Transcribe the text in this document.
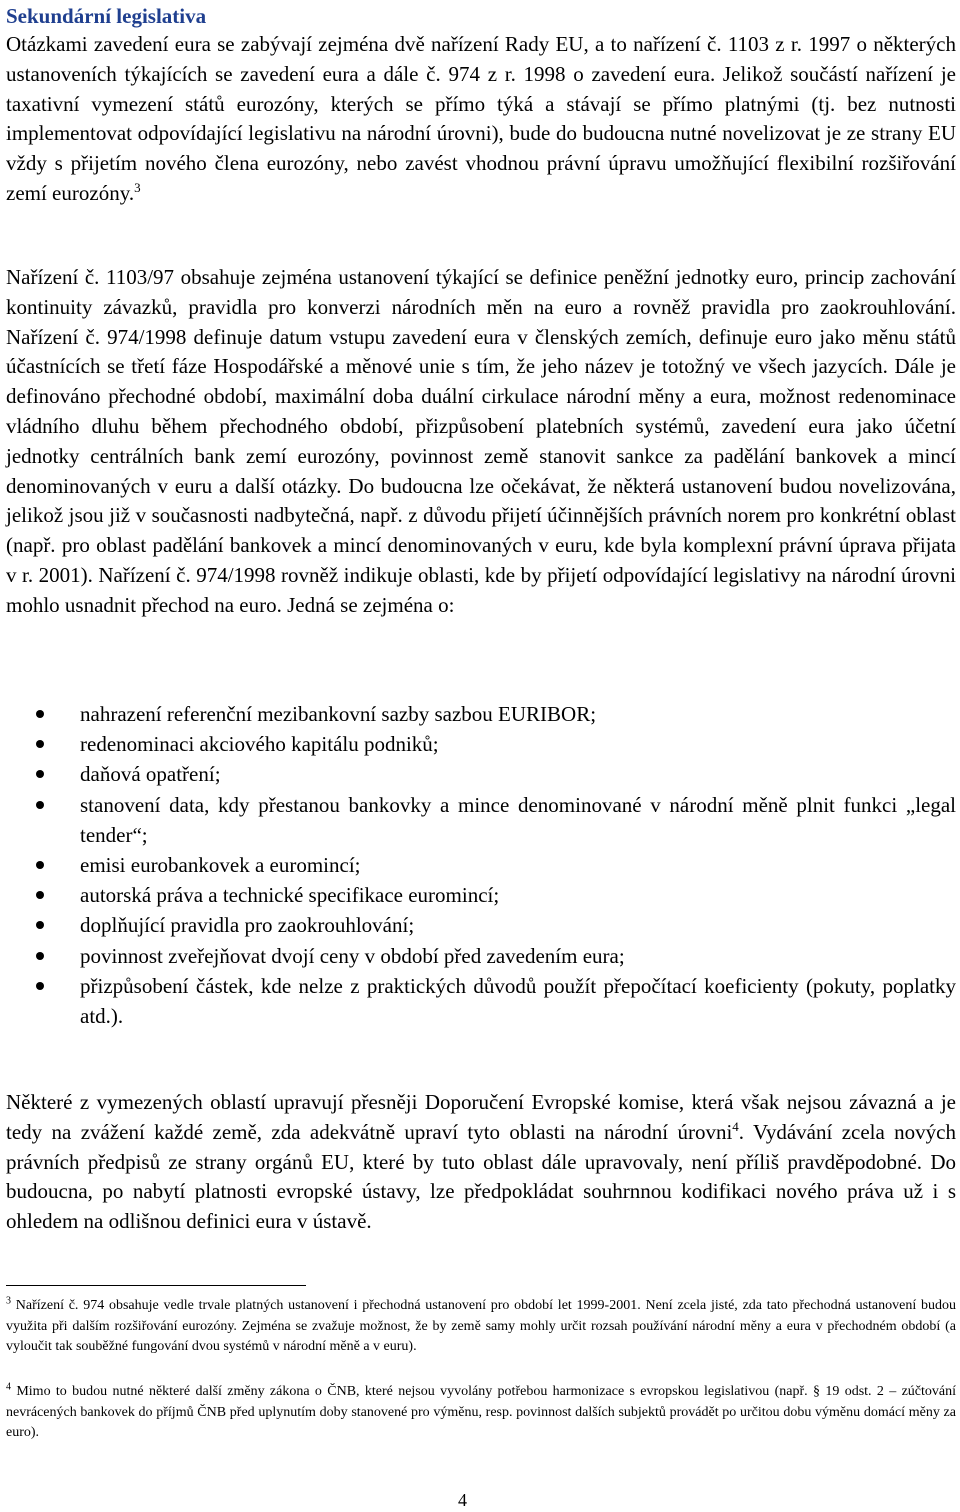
Sekundární legislativa
Otázkami zavedení eura se zabývají zejména dvě nařízení Rady EU, a to nařízení č. 1103 z r. 1997 o některých ustanoveních týkajících se zavedení eura a dále č. 974 z r. 1998 o zavedení eura. Jelikož součástí nařízení je taxativní vymezení států eurozóny, kterých se přímo týká a stávají se přímo platnými (tj. bez nutnosti implementovat odpovídající legislativu na národní úrovni), bude do budoucna nutné novelizovat je ze strany EU vždy s přijetím nového člena eurozóny, nebo zavést vhodnou právní úpravu umožňující flexibilní rozšiřování zemí eurozóny.$^3$
Nařízení č. 1103/97 obsahuje zejména ustanovení týkající se definice peněžní jednotky euro, princip zachování kontinuity závazků, pravidla pro konverzi národních měn na euro a rovněž pravidla pro zaokrouhlování. Nařízení č. 974/1998 definuje datum vstupu zavedení eura v členských zemích, definuje euro jako měnu států účastnících se třetí fáze Hospodářské a měnové unie s tím, že jeho název je totožný ve všech jazycích. Dále je definováno přechodné období, maximální doba duální cirkulace národní měny a eura, možnost redenominace vládního dluhu během přechodného období, přizpůsobení platebních systémů, zavedení eura jako účetní jednotky centrálních bank zemí eurozóny, povinnost země stanovit sankce za padělání bankovek a mincí denominovaných v euru a další otázky. Do budoucna lze očekávat, že některá ustanovení budou novelizována, jelikož jsou již v současnosti nadbytečná, např. z důvodu přijetí účinnějších právních norem pro konkrétní oblast (např. pro oblast padělání bankovek a mincí denominovaných v euru, kde byla komplexní právní úprava přijata v r. 2001). Nařízení č. 974/1998 rovněž indikuje oblasti, kde by přijetí odpovídající legislativy na národní úrovni mohlo usnadnit přechod na euro. Jedná se zejména o:
nahrazení referenční mezibankovní sazby sazbou EURIBOR;
redenominaci akciového kapitálu podniků;
daňová opatření;
stanovení data, kdy přestanou bankovky a mince denominované v národní měně plnit funkci „legal tender“;
emisi eurobankovek a euromincí;
autorská práva a technické specifikace euromincí;
doplňující pravidla pro zaokrouhlování;
povinnost zveřejňovat dvojí ceny v období před zavedením eura;
přizpůsobení částek, kde nelze z praktických důvodů použít přepočítací koeficienty (pokuty, poplatky atd.).
Některé z vymezených oblastí upravují přesněji Doporučení Evropské komise, která však nejsou závazná a je tedy na zvážení každé země, zda adekvátně upraví tyto oblasti na národní úrovni$^4$. Vydávání zcela nových právních předpisů ze strany orgánů EU, které by tuto oblast dále upravovaly, není příliš pravděpodobné. Do budoucna, po nabytí platnosti evropské ústavy, lze předpokládat souhrnnou kodifikaci nového práva už i s ohledem na odlišnou definici eura v ústavě.
$^3$ Nařízení č. 974 obsahuje vedle trvale platných ustanovení i přechodná ustanovení pro období let 1999-2001. Není zcela jisté, zda tato přechodná ustanovení budou využita při dalším rozšiřování eurozóny. Zejména se zvažuje možnost, že by země samy mohly určit rozsah používání národní měny a eura v přechodném období (a vyloučit tak souběžné fungování dvou systémů v národní měně a v euru).
$^4$ Mimo to budou nutné některé další změny zákona o ČNB, které nejsou vyvolány potřebou harmonizace s evropskou legislativou (např. § 19 odst. 2 – zúčtování nevrácených bankovek do příjmů ČNB před uplynutím doby stanovené pro výměnu, resp. povinnost dalších subjektů provádět po určitou dobu výměnu domácí měny za euro).
4
